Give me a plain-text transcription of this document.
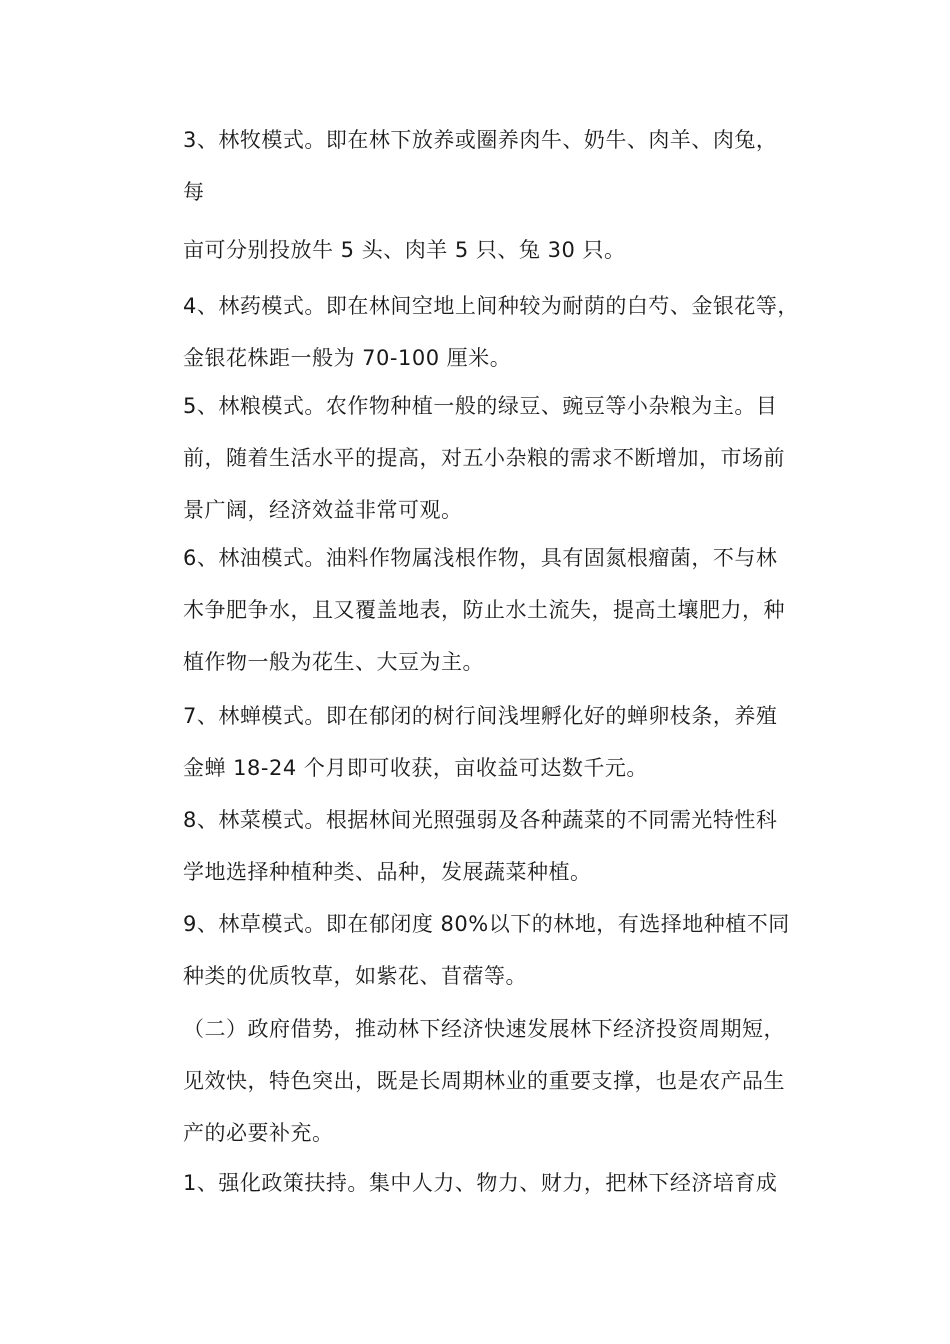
3、林牧模式。即在林下放养或圈养肉牛、奶牛、肉羊、肉兔，
每

亩可分别投放牛 5 头、肉羊 5 只、兔 30 只。

4、林药模式。即在林间空地上间种较为耐荫的白芍、金银花等，
金银花株距一般为 70-100 厘米。

5、林粮模式。农作物种植一般的绿豆、豌豆等小杂粮为主。目
前，随着生活水平的提高，对五小杂粮的需求不断增加，市场前
景广阔，经济效益非常可观。

6、林油模式。油料作物属浅根作物，具有固氮根瘤菌，不与林
木争肥争水，且又覆盖地表，防止水土流失，提高土壤肥力，种
植作物一般为花生、大豆为主。

7、林蝉模式。即在郁闭的树行间浅埋孵化好的蝉卵枝条，养殖
金蝉 18-24 个月即可收获，亩收益可达数千元。

8、林菜模式。根据林间光照强弱及各种蔬菜的不同需光特性科
学地选择种植种类、品种，发展蔬菜种植。

9、林草模式。即在郁闭度 80%以下的林地，有选择地种植不同
种类的优质牧草，如紫花、苜蓿等。

（二）政府借势，推动林下经济快速发展林下经济投资周期短，
见效快，特色突出，既是长周期林业的重要支撑，也是农产品生
产的必要补充。

1、强化政策扶持。集中人力、物力、财力，把林下经济培育成
